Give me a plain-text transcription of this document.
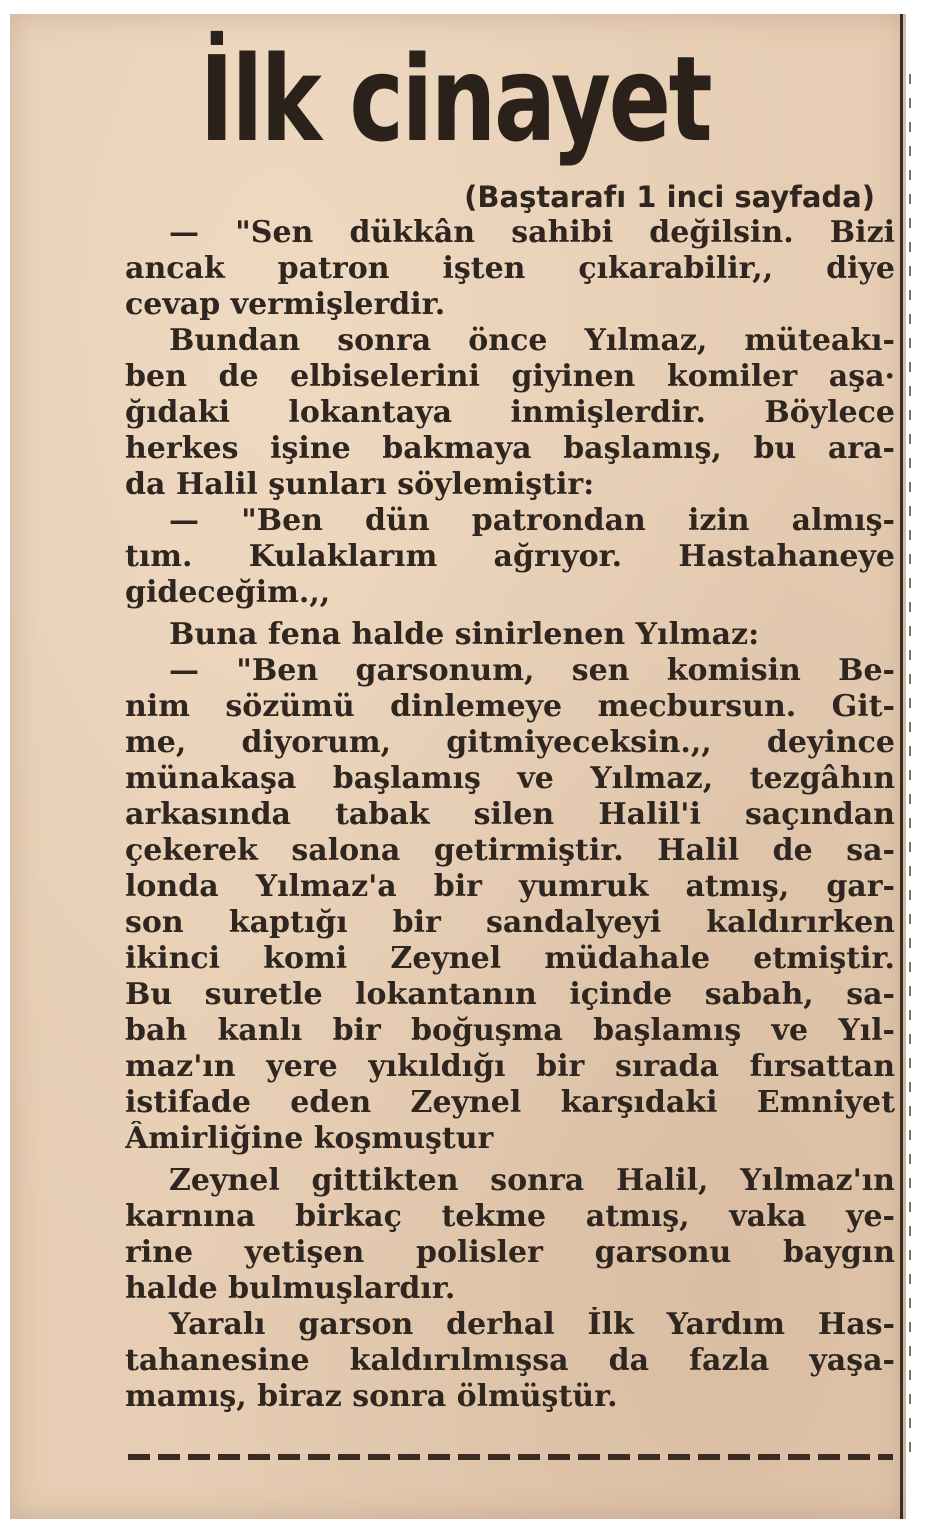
İlk cinayet

(Baştarafı 1 inci sayfada)

— "Sen dükkân sahibi değilsin. Bizi
ancak patron işten çıkarabilir,, diye
cevap vermişlerdir.
Bundan sonra önce Yılmaz, müteakı-
ben de elbiselerini giyinen komiler aşa·
ğıdaki lokantaya inmişlerdir. Böylece
herkes işine bakmaya başlamış, bu ara-
da Halil şunları söylemiştir:
— "Ben dün patrondan izin almış-
tım. Kulaklarım ağrıyor. Hastahaneye
gideceğim.,,
Buna fena halde sinirlenen Yılmaz:
— "Ben garsonum, sen komisin Be-
nim sözümü dinlemeye mecbursun. Git-
me, diyorum, gitmiyeceksin.,, deyince
münakaşa başlamış ve Yılmaz, tezgâhın
arkasında tabak silen Halil'i saçından
çekerek salona getirmiştir. Halil de sa-
londa Yılmaz'a bir yumruk atmış, gar-
son kaptığı bir sandalyeyi kaldırırken
ikinci komi Zeynel müdahale etmiştir.
Bu suretle lokantanın içinde sabah, sa-
bah kanlı bir boğuşma başlamış ve Yıl-
maz'ın yere yıkıldığı bir sırada fırsattan
istifade eden Zeynel karşıdaki Emniyet
Âmirliğine koşmuştur
Zeynel gittikten sonra Halil, Yılmaz'ın
karnına birkaç tekme atmış, vaka ye-
rine yetişen polisler garsonu baygın
halde bulmuşlardır.
Yaralı garson derhal İlk Yardım Has-
tahanesine kaldırılmışsa da fazla yaşa-
mamış, biraz sonra ölmüştür.
